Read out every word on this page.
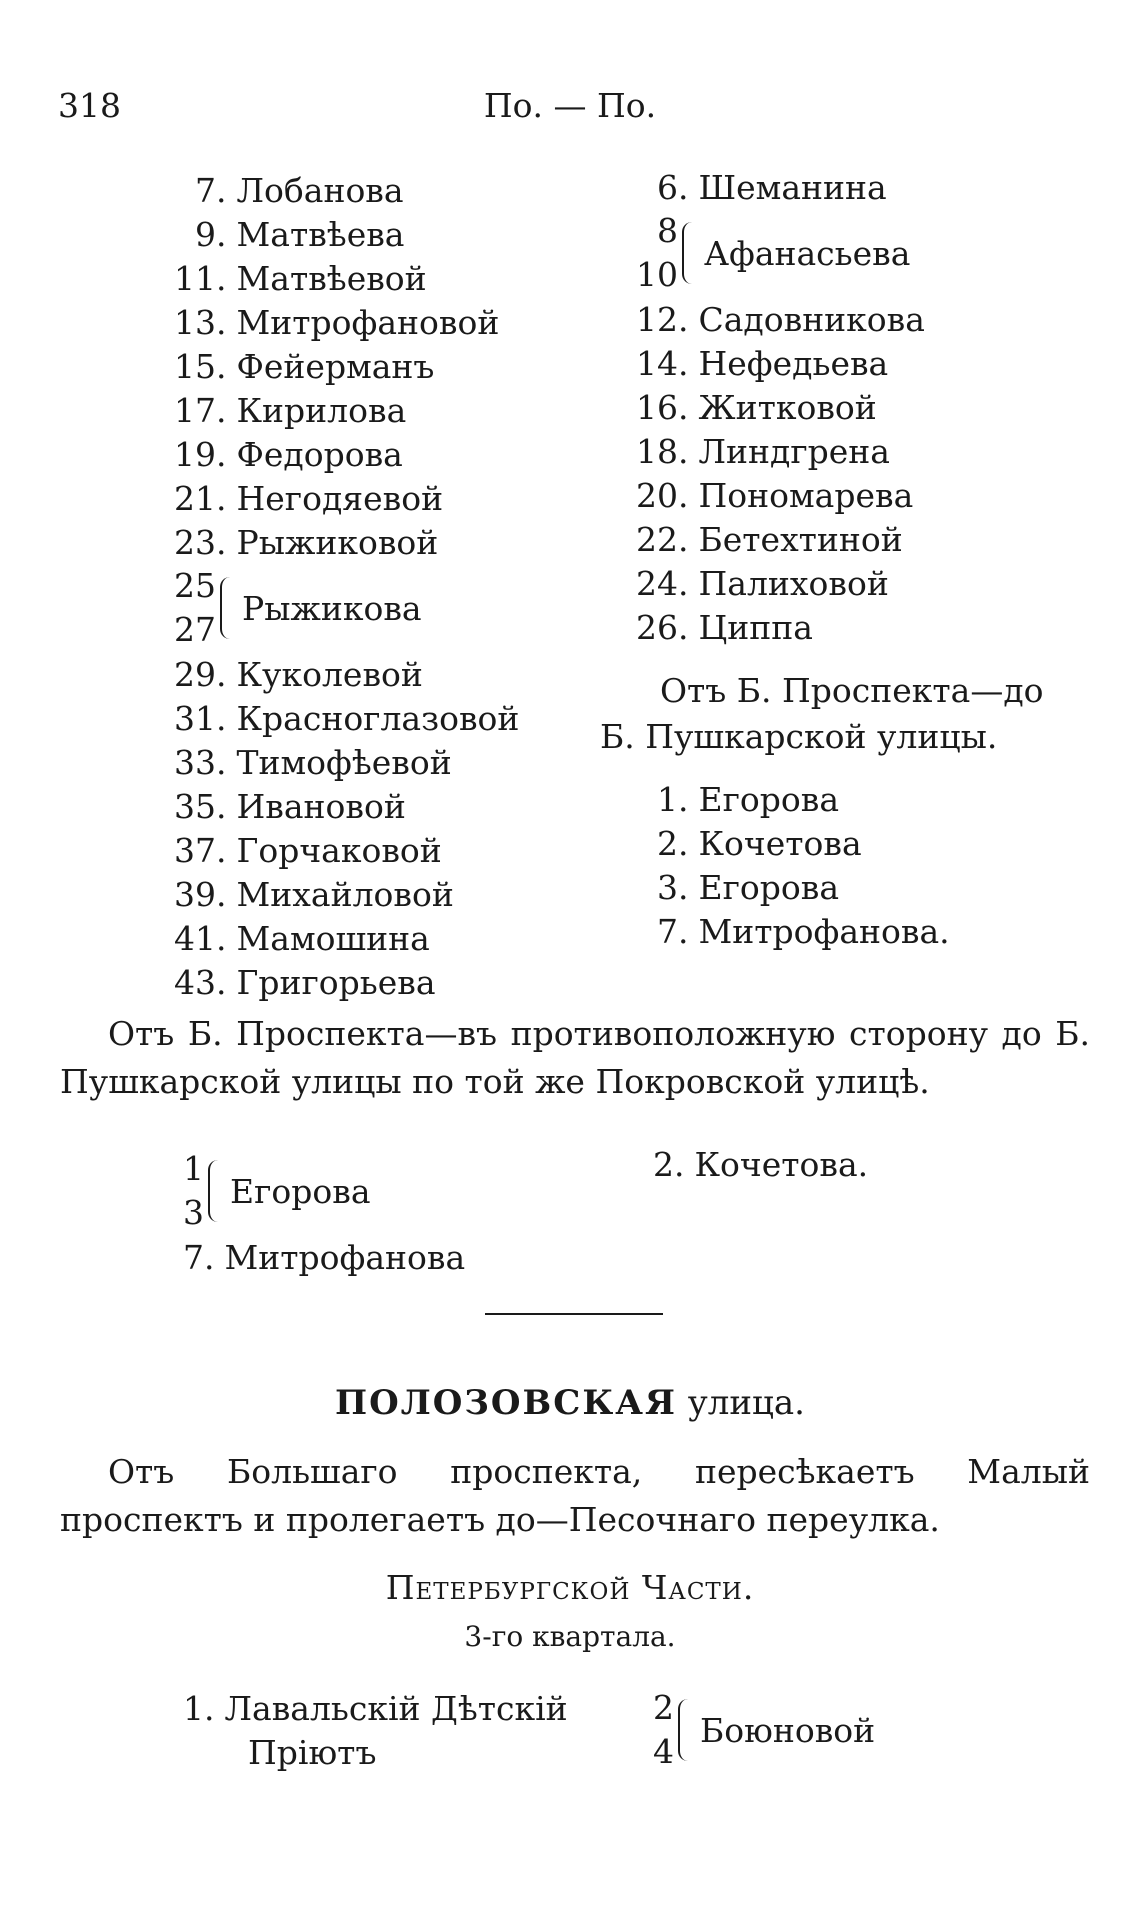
318	По. — По.
7 . Лобанова
9 . Матвѣева
11 . Матвѣевой
13 . Митрофановой
15 . Фейерманъ
17 . Кирилова
19 . Федорова
21 . Негодяевой
23 . Рыжиковой
25
27
Рыжикова
29 . Куколевой
31 . Красноглазовой
33 . Тимофѣевой
35 . Ивановой
37 . Горчаковой
39 . Михайловой
41 . Мамошина
43 . Григорьева
6 . Шеманина
8
10
Афанасьева
12 . Садовникова
14 . Нефедьева
16 . Житковой
18 . Линдгрена
20 . Пономарева
22 . Бетехтиной
24 . Палиховой
26 . Циппа
Отъ Б. Проспекта—до
Б. Пушкарской улицы.
1 . Егорова
2 . Кочетова
3 . Егорова
7 . Митрофанова.

Отъ Б. Проспекта—въ противоположную сторону до Б. Пушкарской улицы по той же Покровской улицѣ.

1
3
Егорова
7 . Митрофанова
2 . Кочетова.
ПОЛОЗОВСКАЯ улица.

Отъ Большаго проспекта, пересѣкаетъ Малый проспектъ и пролегаетъ до—Песочнаго переулка.

Петербургской Части.
3-го квартала.
1 . Лавальскій Дѣтскій
Пріютъ
2
4
Боюновой
